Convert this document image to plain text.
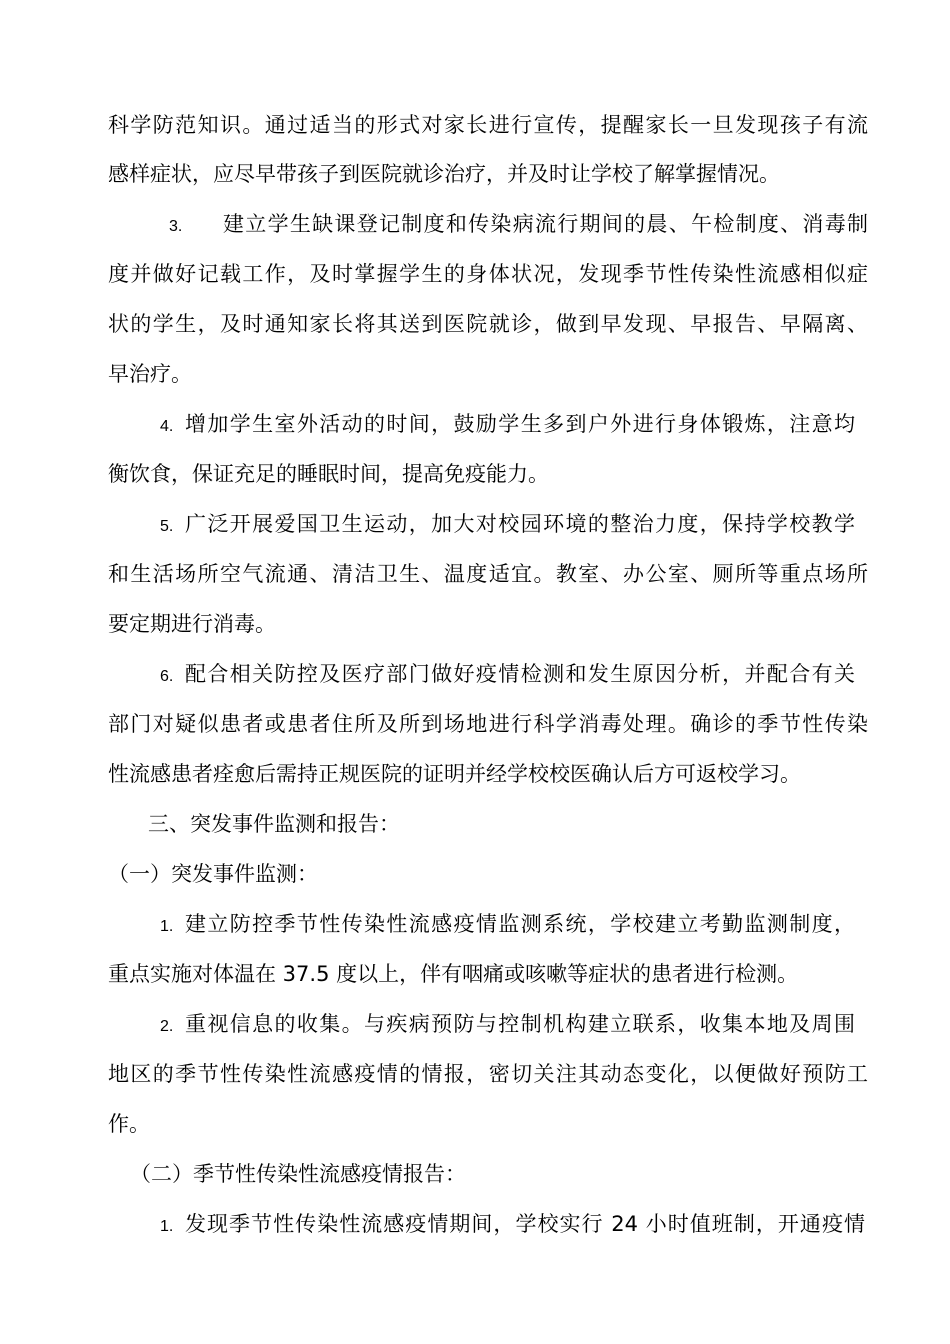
科学防范知识。通过适当的形式对家长进行宣传，提醒家长一旦发现孩子有流
感样症状，应尽早带孩子到医院就诊治疗，并及时让学校了解掌握情况。
3. 建立学生缺课登记制度和传染病流行期间的晨、午检制度、消毒制
度并做好记载工作，及时掌握学生的身体状况，发现季节性传染性流感相似症
状的学生，及时通知家长将其送到医院就诊，做到早发现、早报告、早隔离、
早治疗。
4. 增加学生室外活动的时间，鼓励学生多到户外进行身体锻炼，注意均
衡饮食，保证充足的睡眠时间，提高免疫能力。
5. 广泛开展爱国卫生运动，加大对校园环境的整治力度，保持学校教学
和生活场所空气流通、清洁卫生、温度适宜。教室、办公室、厕所等重点场所
要定期进行消毒。
6. 配合相关防控及医疗部门做好疫情检测和发生原因分析，并配合有关
部门对疑似患者或患者住所及所到场地进行科学消毒处理。确诊的季节性传染
性流感患者痊愈后需持正规医院的证明并经学校校医确认后方可返校学习。
三、突发事件监测和报告：
（一）突发事件监测：
1. 建立防控季节性传染性流感疫情监测系统，学校建立考勤监测制度，
重点实施对体温在 37.5 度以上，伴有咽痛或咳嗽等症状的患者进行检测。
2. 重视信息的收集。与疾病预防与控制机构建立联系，收集本地及周围
地区的季节性传染性流感疫情的情报，密切关注其动态变化，以便做好预防工
作。
（二）季节性传染性流感疫情报告：
1. 发现季节性传染性流感疫情期间，学校实行 24 小时值班制，开通疫情
